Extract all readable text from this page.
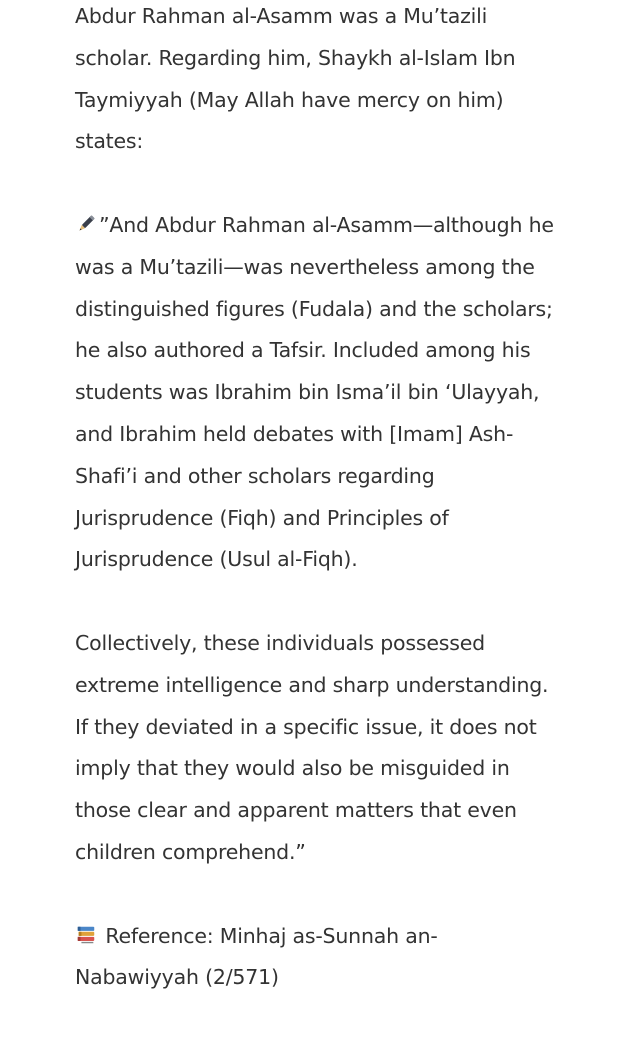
Abdur Rahman al-Asamm was a Mu’tazili
scholar. Regarding him, Shaykh al-Islam Ibn
Taymiyyah (May Allah have mercy on him)
states:

”And Abdur Rahman al-Asamm—although he
was a Mu’tazili—was nevertheless among the
distinguished figures (Fudala) and the scholars;
he also authored a Tafsir. Included among his
students was Ibrahim bin Isma’il bin ‘Ulayyah,
and Ibrahim held debates with [Imam] Ash-
Shafi’i and other scholars regarding
Jurisprudence (Fiqh) and Principles of
Jurisprudence (Usul al-Fiqh).

Collectively, these individuals possessed
extreme intelligence and sharp understanding.
If they deviated in a specific issue, it does not
imply that they would also be misguided in
those clear and apparent matters that even
children comprehend.”

Reference: Minhaj as-Sunnah an-
Nabawiyyah (2/571)
